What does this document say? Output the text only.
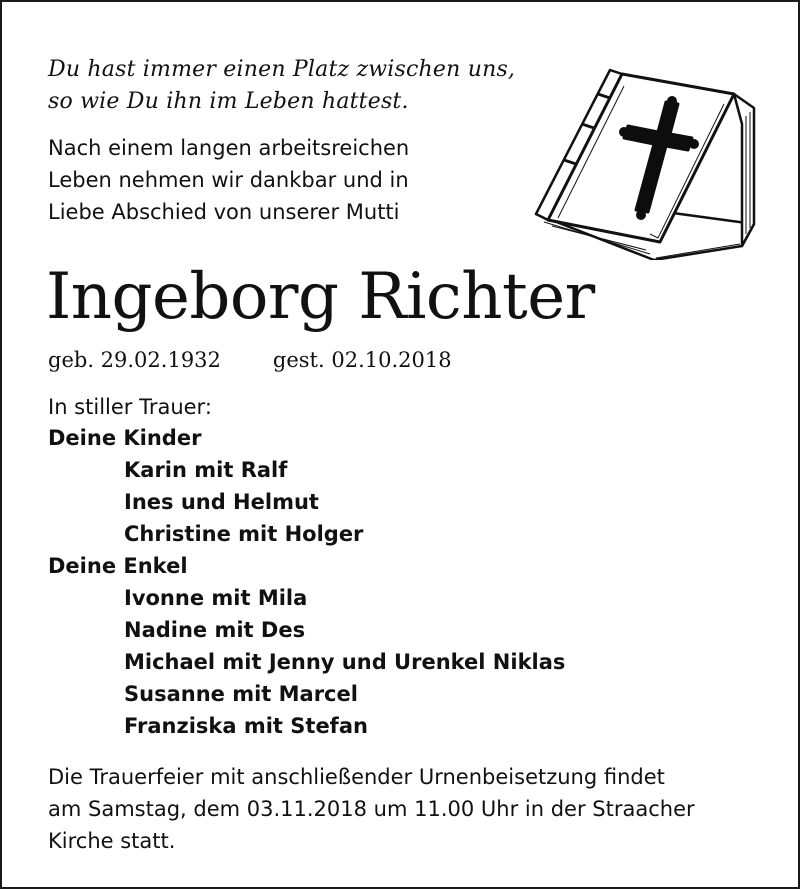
Du hast immer einen Platz zwischen uns,
so wie Du ihn im Leben hattest.

Nach einem langen arbeitsreichen
Leben nehmen wir dankbar und in
Liebe Abschied von unserer Mutti
Ingeborg Richter
geb. 29.02.1932 gest. 02.10.2018
In stiller Trauer:
Deine Kinder
Karin mit Ralf
Ines und Helmut
Christine mit Holger
Deine Enkel
Ivonne mit Mila
Nadine mit Des
Michael mit Jenny und Urenkel Niklas
Susanne mit Marcel
Franziska mit Stefan
Die Trauerfeier mit anschließender Urnenbeisetzung findet
am Samstag, dem 03.11.2018 um 11.00 Uhr in der Straacher
Kirche statt.
